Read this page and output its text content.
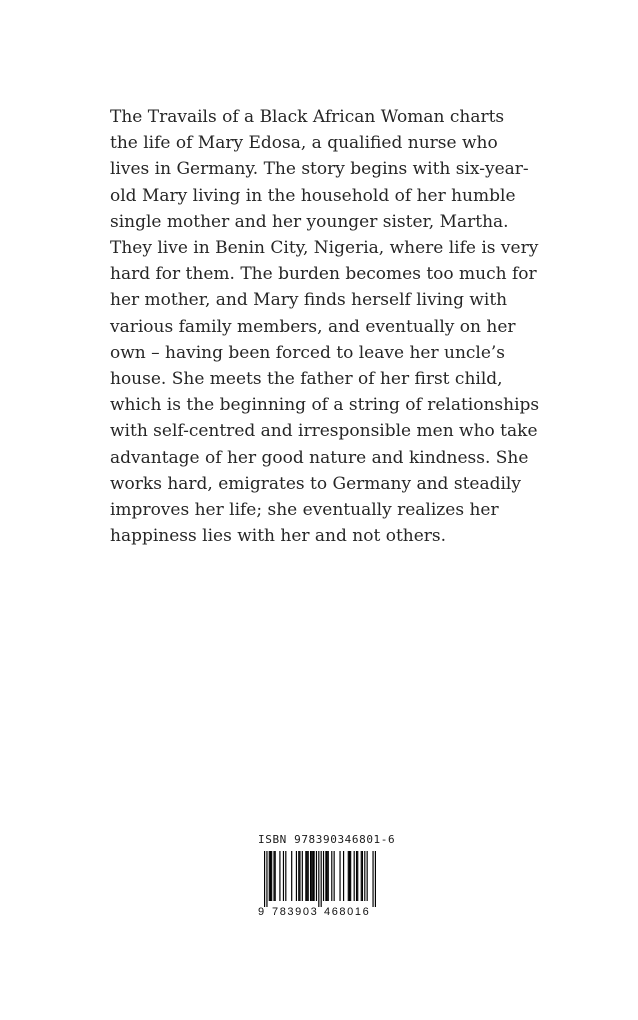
The Travails of a Black African Woman charts
the life of Mary Edosa, a qualified nurse who
lives in Germany. The story begins with six-year-
old Mary living in the household of her humble
single mother and her younger sister, Martha.
They live in Benin City, Nigeria, where life is very
hard for them. The burden becomes too much for
her mother, and Mary finds herself living with
various family members, and eventually on her
own – having been forced to leave her uncle’s
house. She meets the father of her first child,
which is the beginning of a string of relationships
with self-centred and irresponsible men who take
advantage of her good nature and kindness. She
works hard, emigrates to Germany and steadily
improves her life; she eventually realizes her
happiness lies with her and not others.
ISBN 978390346801-6
9 783903 468016
